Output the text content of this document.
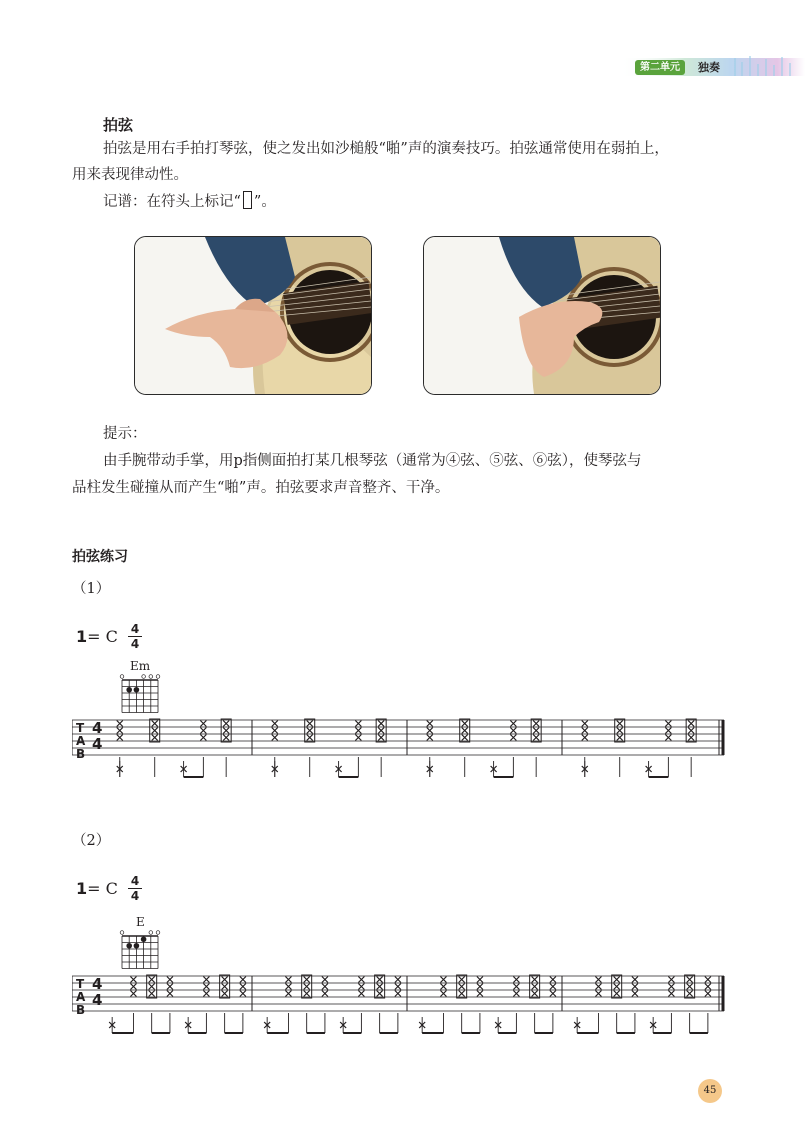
第二单元	独奏
拍弦
拍弦是用右手拍打琴弦，使之发出如沙槌般“啪”声的演奏技巧。拍弦通常使用在弱拍上，
用来表现律动性。
记谱：在符头上标记“ ”。
提示：
由手腕带动手掌，用p指侧面拍打某几根琴弦（通常为④弦、⑤弦、⑥弦），使琴弦与
品柱发生碰撞从而产生“啪”声。拍弦要求声音整齐、干净。
拍弦练习
（1）
1= C 4
4
Em
T
A
B
4
4
（2）
1= C 4
4
E
T
A
B
4
4
45
